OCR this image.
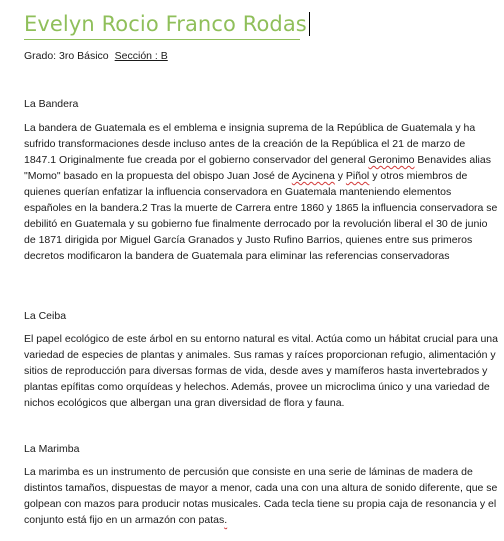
Evelyn Rocio Franco Rodas
Grado: 3ro Básico Sección : B
La Bandera

La bandera de Guatemala es el emblema e insignia suprema de la República de Guatemala y ha sufrido transformaciones desde incluso antes de la creación de la República el 21 de marzo de 1847.1 Originalmente fue creada por el gobierno conservador del general Geronimo Benavides alias "Momo" basado en la propuesta del obispo Juan José de Aycinena y Piñol y otros miembros de quienes querían enfatizar la influencia conservadora en Guatemala manteniendo elementos españoles en la bandera.2 Tras la muerte de Carrera entre 1860 y 1865 la influencia conservadora se debilitó en Guatemala y su gobierno fue finalmente derrocado por la revolución liberal el 30 de junio de 1871 dirigida por Miguel García Granados y Justo Rufino Barrios, quienes entre sus primeros decretos modificaron la bandera de Guatemala para eliminar las referencias conservadoras

La Ceiba

El papel ecológico de este árbol en su entorno natural es vital. Actúa como un hábitat crucial para una variedad de especies de plantas y animales. Sus ramas y raíces proporcionan refugio, alimentación y sitios de reproducción para diversas formas de vida, desde aves y mamíferos hasta invertebrados y plantas epífitas como orquídeas y helechos. Además, provee un microclima único y una variedad de nichos ecológicos que albergan una gran diversidad de flora y fauna.

La Marimba

La marimba es un instrumento de percusión que consiste en una serie de láminas de madera de distintos tamaños, dispuestas de mayor a menor, cada una con una altura de sonido diferente, que se golpean con mazos para producir notas musicales. Cada tecla tiene su propia caja de resonancia y el conjunto está fijo en un armazón con patas.
